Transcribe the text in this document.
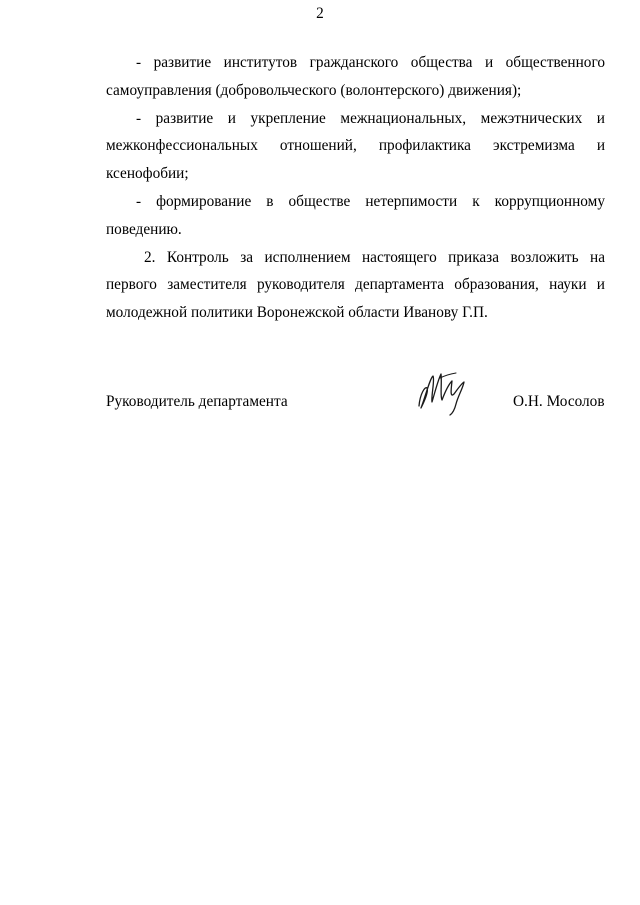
2

- развитие институтов гражданского общества и общественного самоуправления (добровольческого (волонтерского) движения);

- развитие и укрепление межнациональных, межэтнических и межконфессиональных отношений, профилактика экстремизма и ксенофобии;

- формирование в обществе нетерпимости к коррупционному поведению.

2. Контроль за исполнением настоящего приказа возложить на первого заместителя руководителя департамента образования, науки и молодежной политики Воронежской области Иванову Г.П.

Руководитель департамента	О.Н. Мосолов
